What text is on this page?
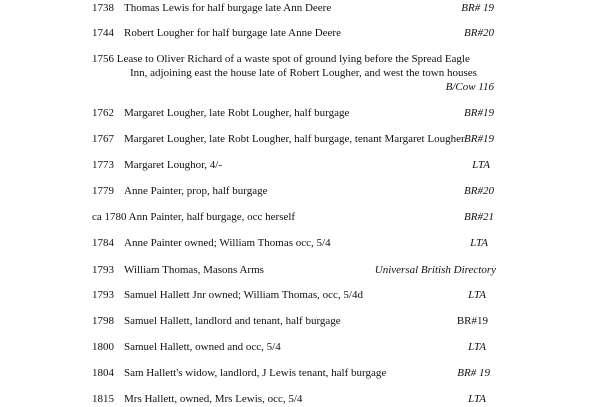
1738 Thomas Lewis for half burgage late Ann Deere	BR# 19
1744 Robert Lougher for half burgage late Anne Deere	BR#20
1756 Lease to Oliver Richard of a waste spot of ground lying before the Spread Eagle
Inn, adjoining east the house late of Robert Lougher, and west the town houses
B/Cow 116
1762 Margaret Lougher, late Robt Lougher, half burgage	BR#19
1767 Margaret Lougher, late Robt Lougher, half burgage, tenant Margaret Lougher BR#19
1773 Margaret Loughor, 4/-	LTA
1779 Anne Painter, prop, half burgage	BR#20
ca 1780 Ann Painter, half burgage, occ herself	BR#21
1784 Anne Painter owned; William Thomas occ, 5/4	LTA
1793 William Thomas, Masons Arms	Universal British Directory
1793 Samuel Hallett Jnr owned; William Thomas, occ, 5/4d	LTA
1798 Samuel Hallett, landlord and tenant, half burgage	BR#19
1800 Samuel Hallett, owned and occ, 5/4	LTA
1804 Sam Hallett's widow, landlord, J Lewis tenant, half burgage	BR# 19
1815 Mrs Hallett, owned, Mrs Lewis, occ, 5/4	LTA
